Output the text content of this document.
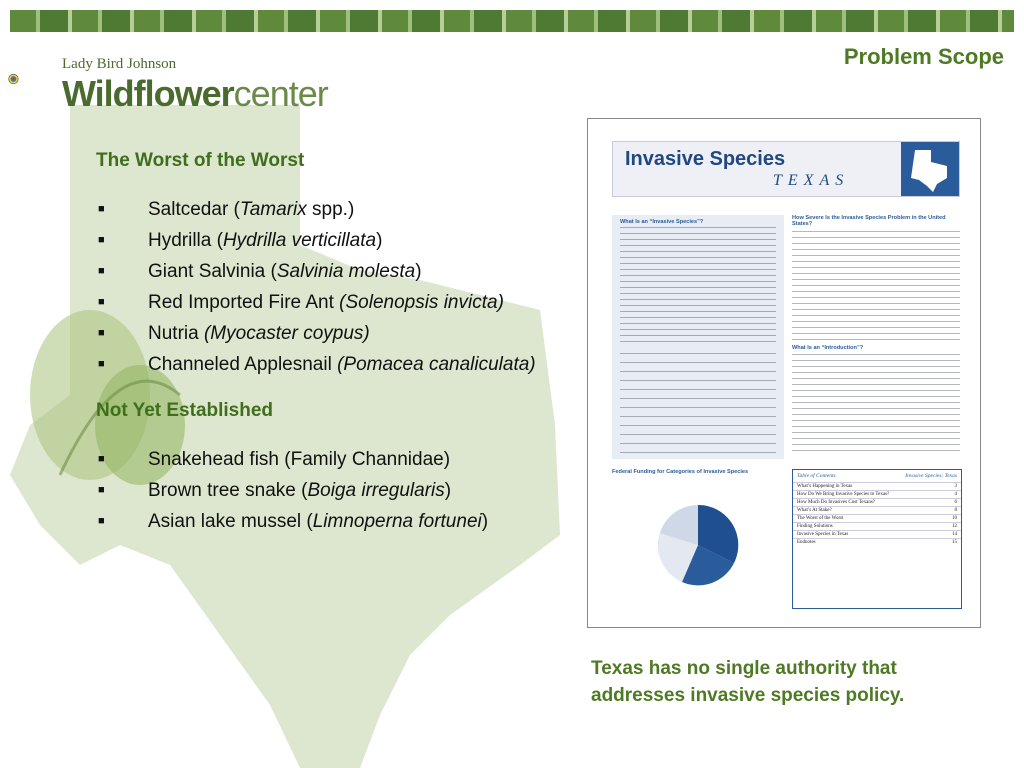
Lady Bird Johnson
Wildflowercenter
Problem Scope
The Worst of the Worst
■ Saltcedar (Tamarix spp.)
■ Hydrilla (Hydrilla verticillata)
■ Giant Salvinia (Salvinia molesta)
■ Red Imported Fire Ant (Solenopsis invicta)
■ Nutria (Myocaster coypus)
■ Channeled Applesnail (Pomacea canaliculata)
Not Yet Established
■ Snakehead fish (Family Channidae)
■ Brown tree snake (Boiga irregularis)
■ Asian lake mussel (Limnoperna fortunei)
Invasive Species
TEXAS
What Is an “Invasive Species”?
How Severe Is the Invasive Species Problem in the United States?
What Is an “Introduction”?
Federal Funding for Categories of Invasive Species
Table of Contents	Invasive Species: Texas
What’s Happening in Texas	3
How Do We Bring Invasive Species to Texas?	4
How Much Do Invasives Cost Texans?	6
What’s At Stake?	8
The Worst of the Worst	10
Finding Solutions	12
Invasive Species in Texas	14
Endnotes	15
Texas has no single authority that addresses invasive species policy.
